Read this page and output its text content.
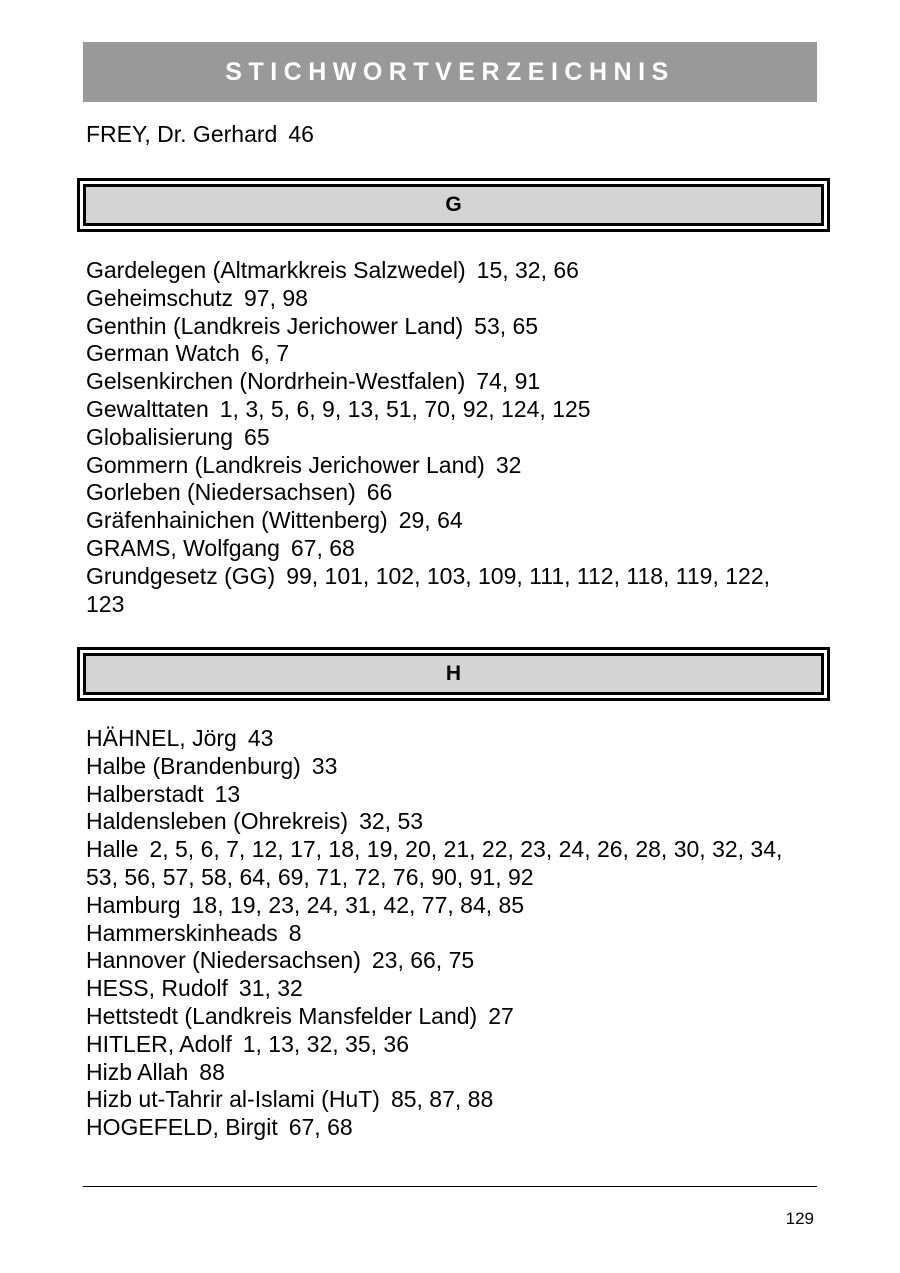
STICHWORTVERZEICHNIS
FREY, Dr. Gerhard 46
G
Gardelegen (Altmarkkreis Salzwedel) 15, 32, 66
Geheimschutz 97, 98
Genthin (Landkreis Jerichower Land) 53, 65
German Watch 6, 7
Gelsenkirchen (Nordrhein-Westfalen) 74, 91
Gewalttaten 1, 3, 5, 6, 9, 13, 51, 70, 92, 124, 125
Globalisierung 65
Gommern (Landkreis Jerichower Land) 32
Gorleben (Niedersachsen) 66
Gräfenhainichen (Wittenberg) 29, 64
GRAMS, Wolfgang 67, 68
Grundgesetz (GG) 99, 101, 102, 103, 109, 111, 112, 118, 119, 122, 123
H
HÄHNEL, Jörg 43
Halbe (Brandenburg) 33
Halberstadt 13
Haldensleben (Ohrekreis) 32, 53
Halle 2, 5, 6, 7, 12, 17, 18, 19, 20, 21, 22, 23, 24, 26, 28, 30, 32, 34, 53, 56, 57, 58, 64, 69, 71, 72, 76, 90, 91, 92
Hamburg 18, 19, 23, 24, 31, 42, 77, 84, 85
Hammerskinheads 8
Hannover (Niedersachsen) 23, 66, 75
HESS, Rudolf 31, 32
Hettstedt (Landkreis Mansfelder Land) 27
HITLER, Adolf 1, 13, 32, 35, 36
Hizb Allah 88
Hizb ut-Tahrir al-Islami (HuT) 85, 87, 88
HOGEFELD, Birgit 67, 68
129
